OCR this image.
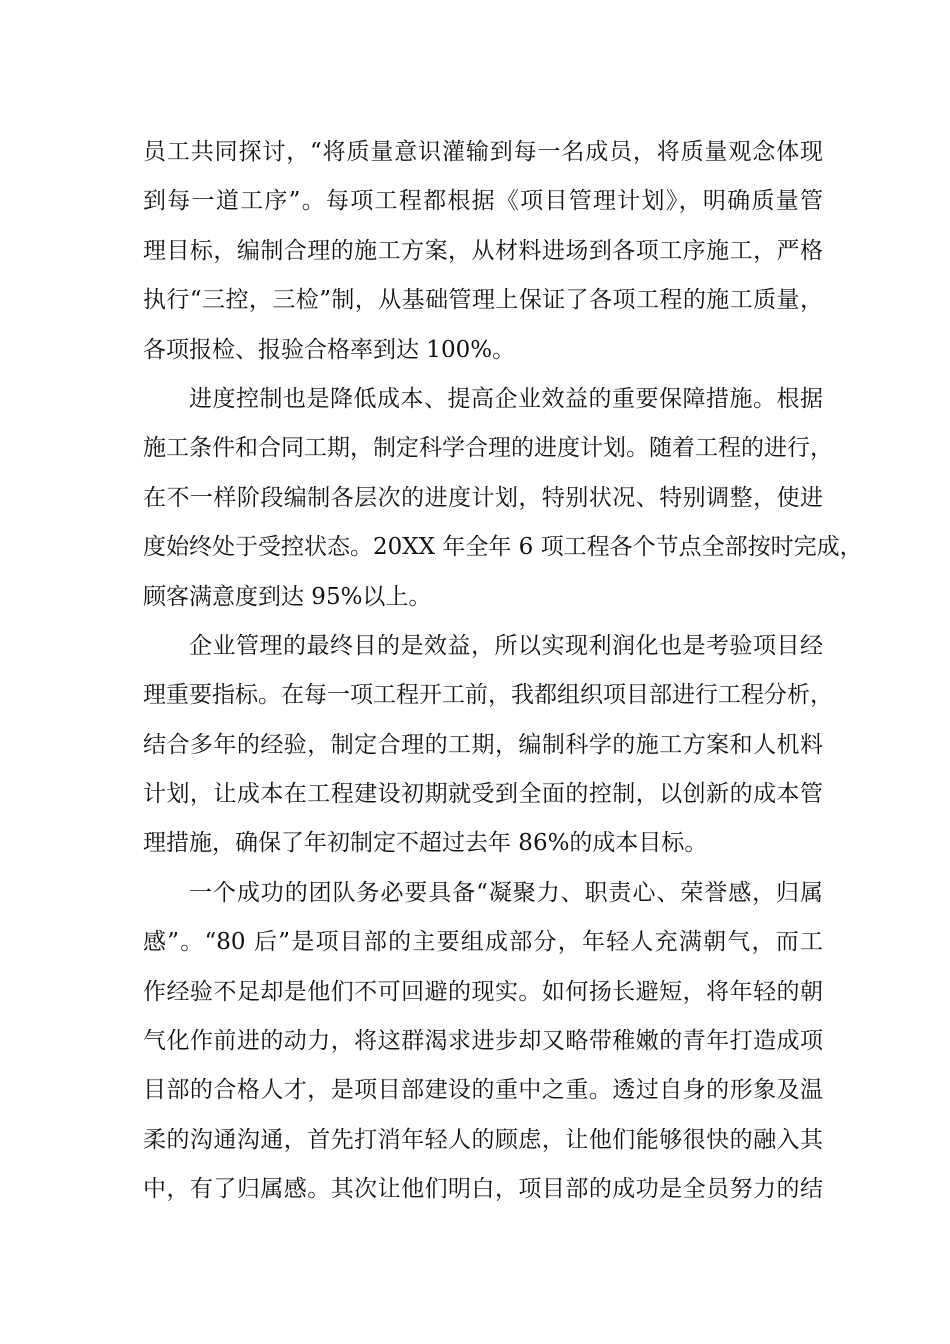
员工共同探讨，“将质量意识灌输到每一名成员，将质量观念体现
到每一道工序”。每项工程都根据《项目管理计划》，明确质量管
理目标，编制合理的施工方案，从材料进场到各项工序施工，严格
执行“三控，三检”制，从基础管理上保证了各项工程的施工质量，
各项报检、报验合格率到达 100%。
进度控制也是降低成本、提高企业效益的重要保障措施。根据
施工条件和合同工期，制定科学合理的进度计划。随着工程的进行，
在不一样阶段编制各层次的进度计划，特别状况、特别调整，使进
度始终处于受控状态。20XX 年全年 6 项工程各个节点全部按时完成，
顾客满意度到达 95%以上。
企业管理的最终目的是效益，所以实现利润化也是考验项目经
理重要指标。在每一项工程开工前，我都组织项目部进行工程分析，
结合多年的经验，制定合理的工期，编制科学的施工方案和人机料
计划，让成本在工程建设初期就受到全面的控制，以创新的成本管
理措施，确保了年初制定不超过去年 86%的成本目标。
一个成功的团队务必要具备“凝聚力、职责心、荣誉感，归属
感”。“80 后”是项目部的主要组成部分，年轻人充满朝气，而工
作经验不足却是他们不可回避的现实。如何扬长避短，将年轻的朝
气化作前进的动力，将这群渴求进步却又略带稚嫩的青年打造成项
目部的合格人才，是项目部建设的重中之重。透过自身的形象及温
柔的沟通沟通，首先打消年轻人的顾虑，让他们能够很快的融入其
中，有了归属感。其次让他们明白，项目部的成功是全员努力的结
